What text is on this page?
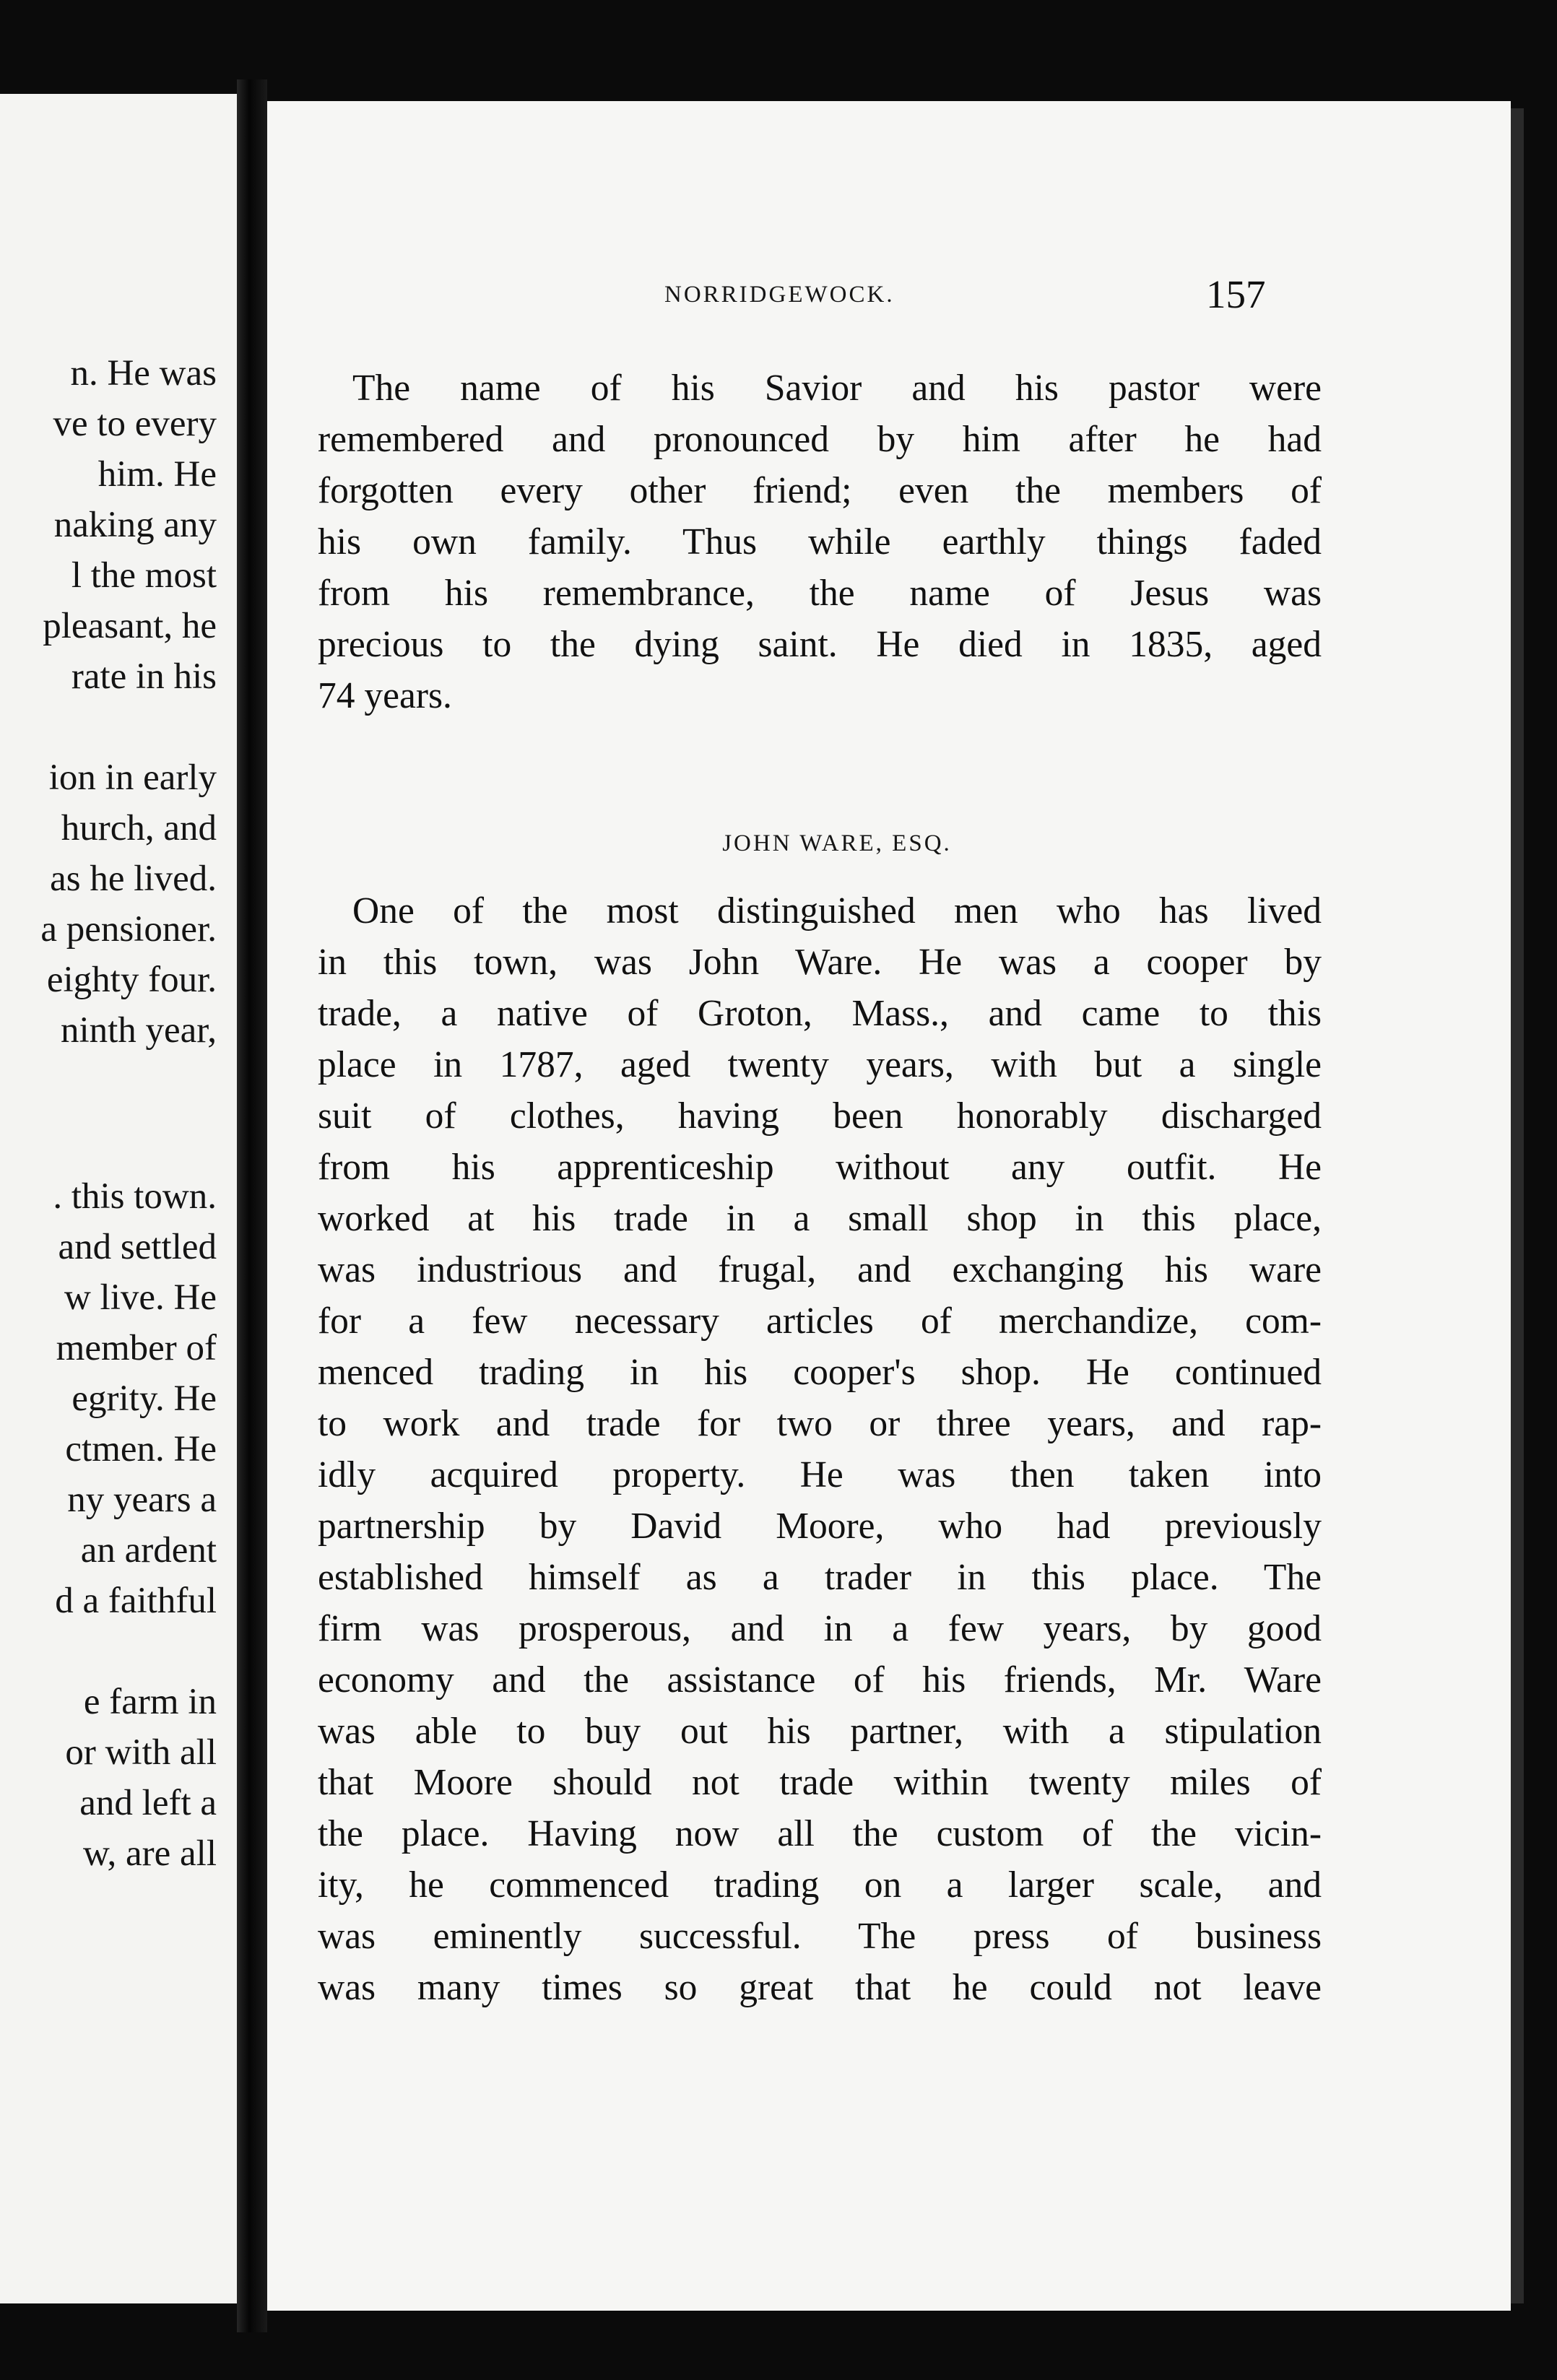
n. He was
ve to every
him. He
naking any
l the most
pleasant, he
rate in his
ion in early
hurch, and
as he lived.
a pensioner.
eighty four.
ninth year,
. this town.
and settled
w live. He
member of
egrity. He
ctmen. He
ny years a
an ardent
d a faithful
e farm in
or with all
and left a
w, are all
NORRIDGEWOCK.	157
The name of his Savior and his pastor were
remembered and pronounced by him after he had
forgotten every other friend; even the members of
his own family. Thus while earthly things faded
from his remembrance, the name of Jesus was
precious to the dying saint. He died in 1835, aged
74 years.
JOHN WARE, ESQ.
One of the most distinguished men who has lived
in this town, was John Ware. He was a cooper by
trade, a native of Groton, Mass., and came to this
place in 1787, aged twenty years, with but a single
suit of clothes, having been honorably discharged
from his apprenticeship without any outfit. He
worked at his trade in a small shop in this place,
was industrious and frugal, and exchanging his ware
for a few necessary articles of merchandize, com-
menced trading in his cooper's shop. He continued
to work and trade for two or three years, and rap-
idly acquired property. He was then taken into
partnership by David Moore, who had previously
established himself as a trader in this place. The
firm was prosperous, and in a few years, by good
economy and the assistance of his friends, Mr. Ware
was able to buy out his partner, with a stipulation
that Moore should not trade within twenty miles of
the place. Having now all the custom of the vicin-
ity, he commenced trading on a larger scale, and
was eminently successful. The press of business
was many times so great that he could not leave
